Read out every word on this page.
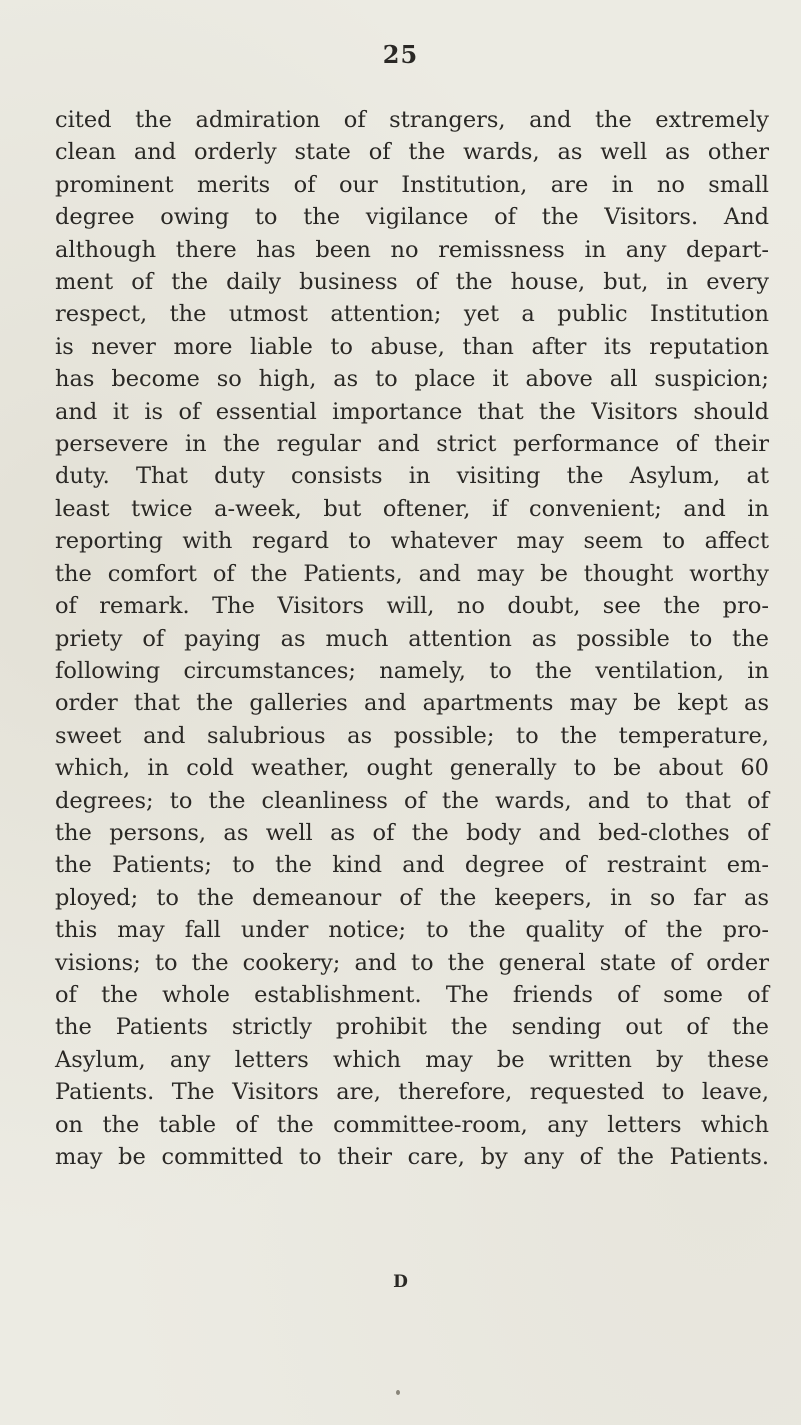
25
cited the admiration of strangers, and the extremely
clean and orderly state of the wards, as well as other
prominent merits of our Institution, are in no small
degree owing to the vigilance of the Visitors. And
although there has been no remissness in any depart-
ment of the daily business of the house, but, in every
respect, the utmost attention; yet a public Institution
is never more liable to abuse, than after its reputation
has become so high, as to place it above all suspicion;
and it is of essential importance that the Visitors should
persevere in the regular and strict performance of their
duty. That duty consists in visiting the Asylum, at
least twice a-week, but oftener, if convenient; and in
reporting with regard to whatever may seem to affect
the comfort of the Patients, and may be thought worthy
of remark. The Visitors will, no doubt, see the pro-
priety of paying as much attention as possible to the
following circumstances; namely, to the ventilation, in
order that the galleries and apartments may be kept as
sweet and salubrious as possible; to the temperature,
which, in cold weather, ought generally to be about 60
degrees; to the cleanliness of the wards, and to that of
the persons, as well as of the body and bed-clothes of
the Patients; to the kind and degree of restraint em-
ployed; to the demeanour of the keepers, in so far as
this may fall under notice; to the quality of the pro-
visions; to the cookery; and to the general state of order
of the whole establishment. The friends of some of
the Patients strictly prohibit the sending out of the
Asylum, any letters which may be written by these
Patients. The Visitors are, therefore, requested to leave,
on the table of the committee-room, any letters which
may be committed to their care, by any of the Patients.
D
